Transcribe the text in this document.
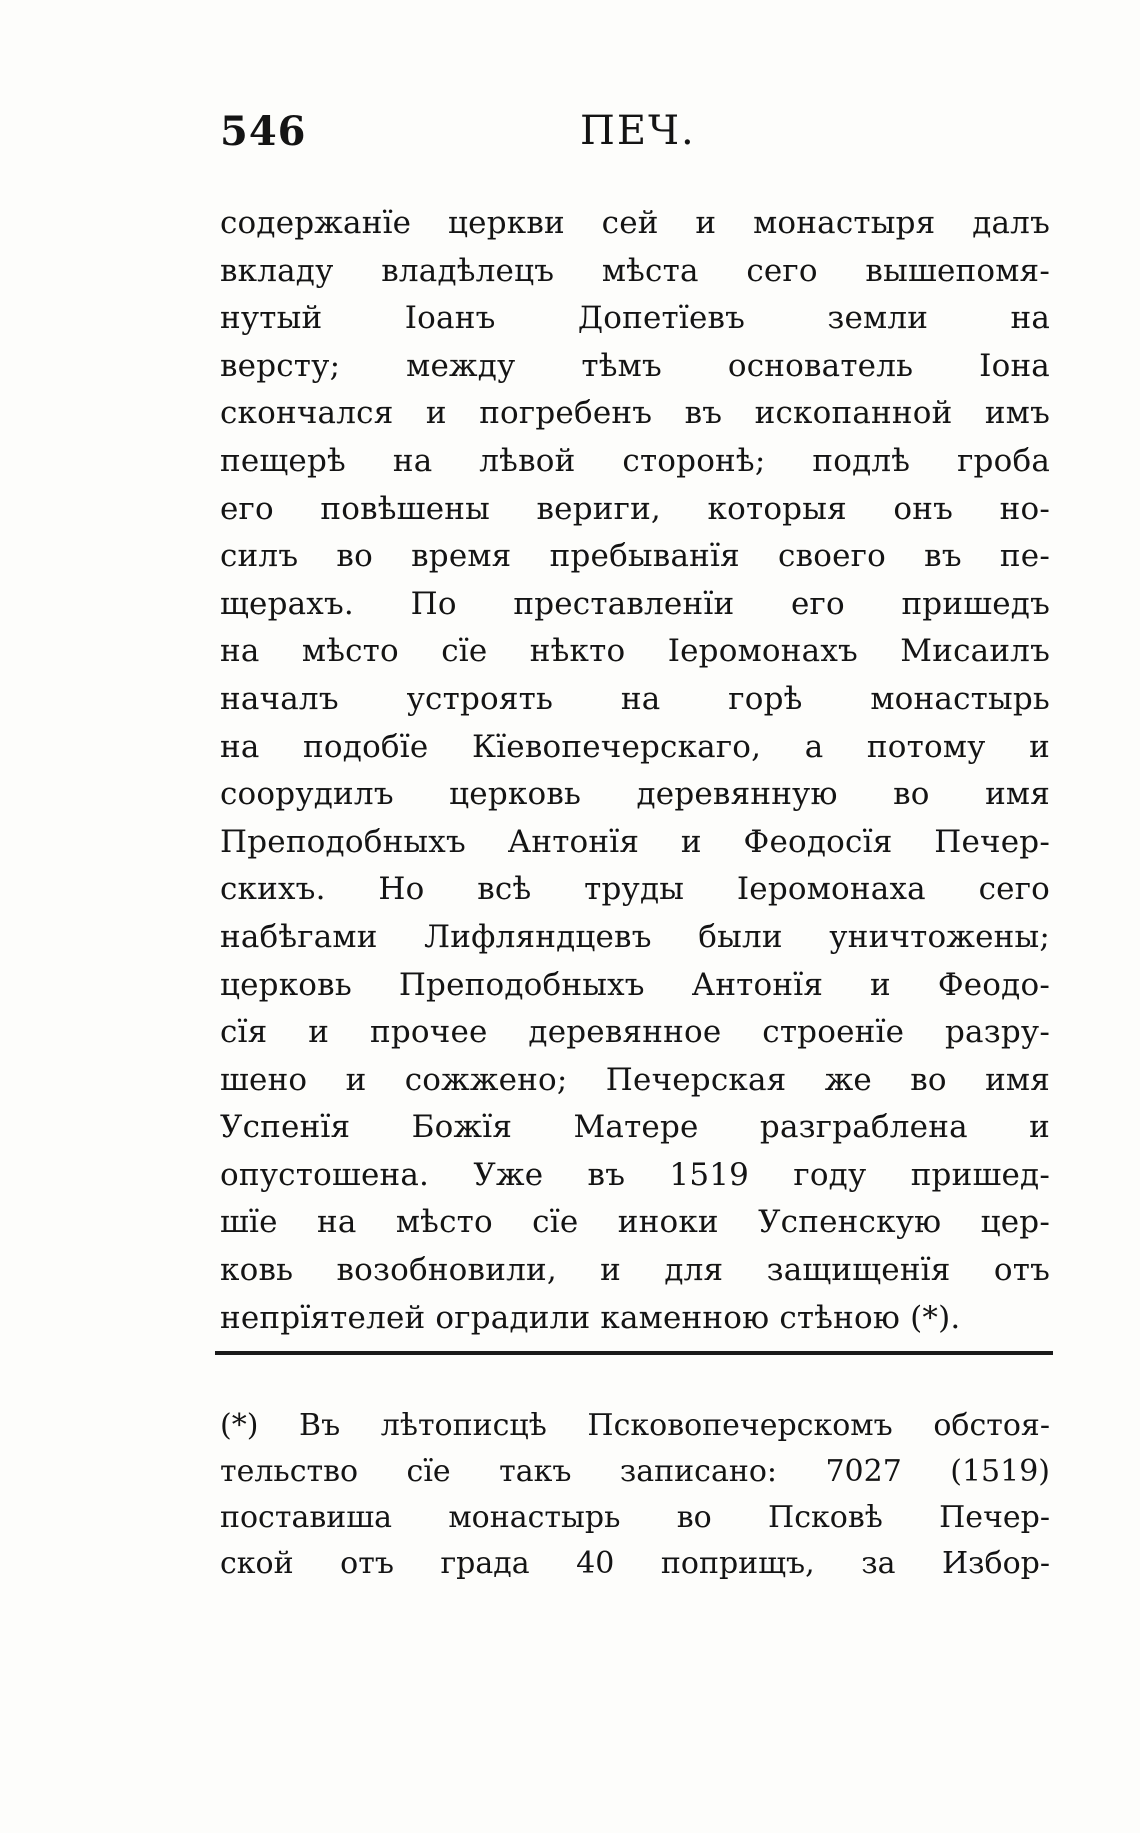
546	ПЕЧ.
содержанїе церкви сей и монастыря далъ
вкладу владѣлецъ мѣста сего вышепомя-
нутый Іоанъ Допетїевъ земли на
версту; между тѣмъ основатель Іона
скончался и погребенъ въ ископанной имъ
пещерѣ на лѣвой сторонѣ; подлѣ гроба
его повѣшены вериги, которыя онъ но-
силъ во время пребыванїя своего въ пе-
щерахъ. По преставленїи его пришедъ
на мѣсто сїе нѣкто Іеромонахъ Мисаилъ
началъ устроять на горѣ монастырь
на подобїе Кїевопечерскаго, а потому и
соорудилъ церковь деревянную во имя
Преподобныхъ Антонїя и Феодосїя Печер-
скихъ. Но всѣ труды Іеромонаха сего
набѣгами Лифляндцевъ были уничтожены;
церковь Преподобныхъ Антонїя и Феодо-
сїя и прочее деревянное строенїе разру-
шено и сожжено; Печерская же во имя
Успенїя Божїя Матере разграблена и
опустошена. Уже въ 1519 году пришед-
шїе на мѣсто сїе иноки Успенскую цер-
ковь возобновили, и для защищенїя отъ
непрїятелей оградили каменною стѣною (*).
(*) Въ лѣтописцѣ Псковопечерскомъ обстоя-
тельство сїе такъ записано: 7027 (1519)
поставиша монастырь во Псковѣ Печер-
ской отъ града 40 поприщъ, за Избор-
